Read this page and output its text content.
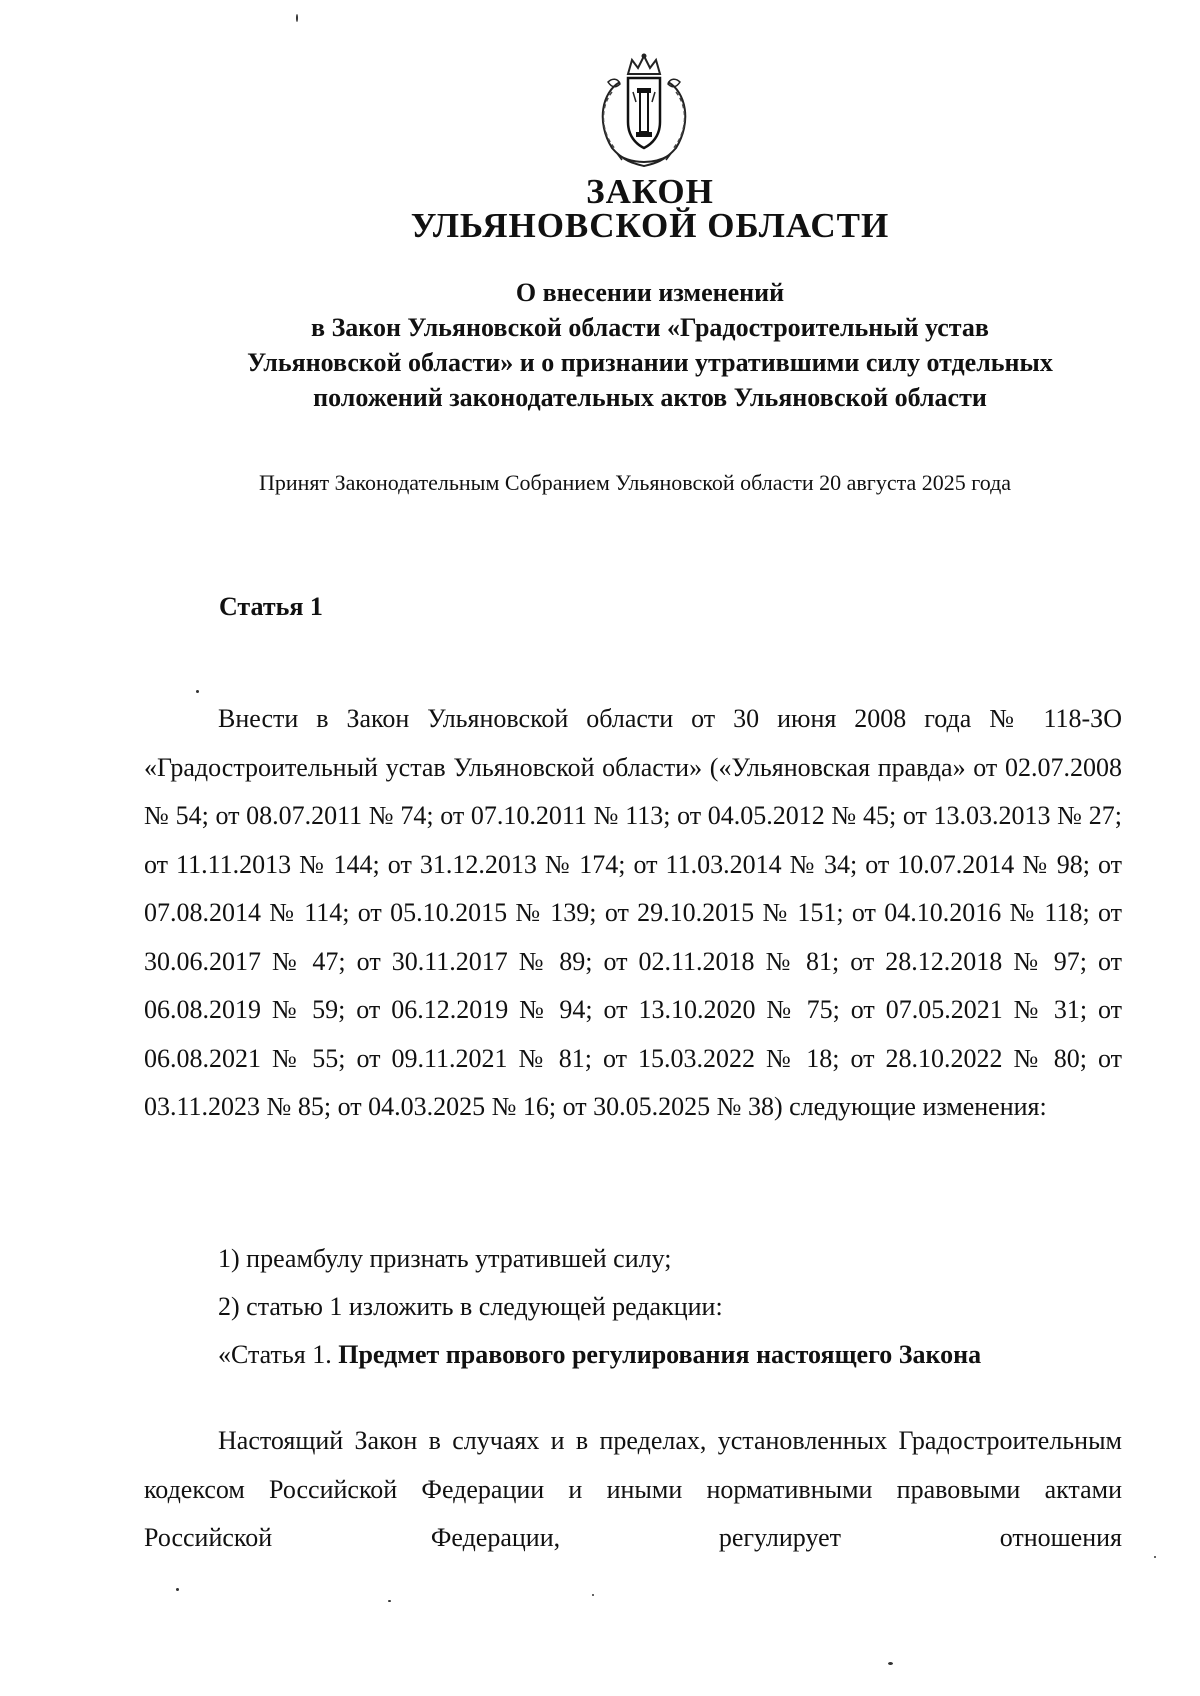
ЗАКОН
УЛЬЯНОВСКОЙ ОБЛАСТИ
О внесении изменений
в Закон Ульяновской области «Градостроительный устав
Ульяновской области» и о признании утратившими силу отдельных
положений законодательных актов Ульяновской области
Принят Законодательным Собранием Ульяновской области 20 августа 2025 года
Статья 1
Внести в Закон Ульяновской области от 30 июня 2008 года № 118-ЗО «Градостроительный устав Ульяновской области» («Ульяновская правда» от 02.07.2008 № 54; от 08.07.2011 № 74; от 07.10.2011 № 113; от 04.05.2012 № 45; от 13.03.2013 № 27; от 11.11.2013 № 144; от 31.12.2013 № 174; от 11.03.2014 № 34; от 10.07.2014 № 98; от 07.08.2014 № 114; от 05.10.2015 № 139; от 29.10.2015 № 151; от 04.10.2016 № 118; от 30.06.2017 № 47; от 30.11.2017 № 89; от 02.11.2018 № 81; от 28.12.2018 № 97; от 06.08.2019 № 59; от 06.12.2019 № 94; от 13.10.2020 № 75; от 07.05.2021 № 31; от 06.08.2021 № 55; от 09.11.2021 № 81; от 15.03.2022 № 18; от 28.10.2022 № 80; от 03.11.2023 № 85; от 04.03.2025 № 16; от 30.05.2025 № 38) следующие изменения:
1) преамбулу признать утратившей силу;
2) статью 1 изложить в следующей редакции:
«Статья 1. Предмет правового регулирования настоящего Закона
Настоящий Закон в случаях и в пределах, установленных Градостроительным кодексом Российской Федерации и иными нормативными правовыми актами Российской Федерации, регулирует отношения
